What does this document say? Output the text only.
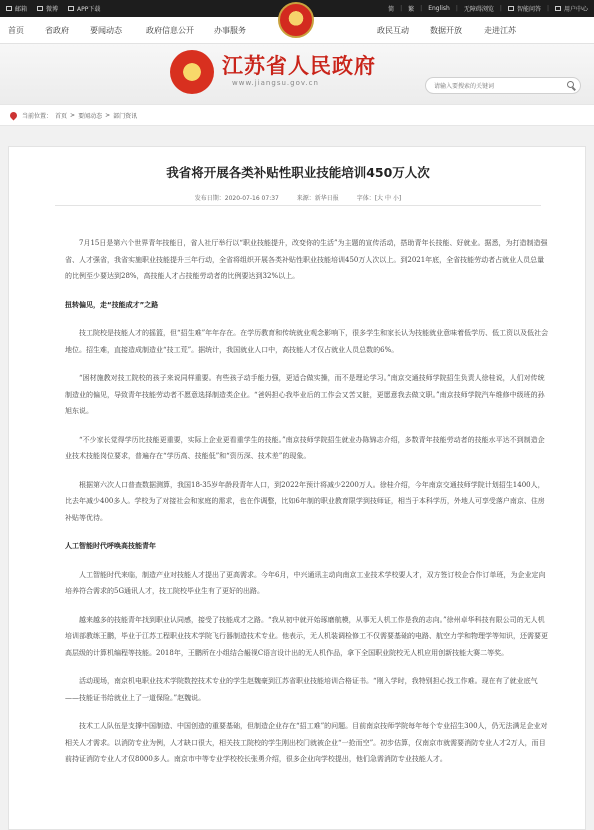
邮箱	微博	APP下载	简 | 繁 | English | 无障碍浏览 |	智能问答 |	用户中心
首页	省政府	要闻动态	政府信息公开	办事服务	政民互动	数据开放	走进江苏
江苏省人民政府
www.jiangsu.gov.cn
请输入要搜索的关键词
当前位置： 首页 > 要闻动态 > 部门资讯
我省将开展各类补贴性职业技能培训450万人次
发布日期：2020-07-16 07:37	来源：新华日报	字体：[大 中 小]

7月15日是第六个世界青年技能日，省人社厅举行以“职业技能提升，改变你的生活”为主题的宣传活动，搭助青年长技能、好就业。据悉，为打造制造强省、人才强省，我省实施职业技能提升三年行动，全省将组织开展各类补贴性职业技能培训450万人次以上。到2021年底，全省技能劳动者占就业人员总量的比例至少要达到28%，高技能人才占技能劳动者的比例要达到32%以上。

扭转偏见，走“技能成才”之路

技工院校是技能人才的摇篮，但“招生难”年年存在。在学历教育和传统就业观念影响下，很多学生和家长认为技能就业意味着低学历、低工资以及低社会地位。招生难，直接造成制造业“技工荒”。据统计，我国就业人口中，高技能人才仅占就业人员总数的6%。

“困材施教对技工院校的孩子来说同样重要。有些孩子动手能力强，更适合做实操，而不是理论学习。”南京交通技师学院招生负责人徐桂说，人们对传统制造业的偏见，导致青年技能劳动者不愿意选择制造类企业。“爸妈担心我毕业后的工作会又苦又脏，更愿意我去做文职。”南京技师学院汽车维修中级班的孙旭东说。

“不少家长觉得学历比技能更重要，实际上企业更看重学生的技能。”南京技师学院招生就业办陈锦志介绍，多数青年技能劳动者的技能水平达不到制造企业技术技能岗位要求，普遍存在“学历高、技能低”和“资历深、技术差”的现象。

根据第六次人口普查数据测算，我国18-35岁年龄段青年人口，到2022年预计将减少2200万人。徐桂介绍，今年南京交通技师学院计划招生1400人，比去年减少400多人。学校为了对接社会和家庭的需求，也在作调整，比如6年制的职业教育限学到技师证，相当于本科学历，外地人可享受落户南京、住房补贴等优待。

人工智能时代呼唤高技能青年

人工智能时代来临，制造产业对技能人才提出了更高需求。今年6月，中兴通讯主动向南京工业技术学校要人才，双方签订校企合作订单班，为企业定向培养符合需求的5G通讯人才，技工院校毕业生有了更好的出路。

越来越多的技能青年找到职业认同感，接受了技能成才之路。“我从初中就开始琢磨航模，从事无人机工作是我的志向。”徐州卓华科技有限公司的无人机培训部教练王鹏，毕业于江苏工程职业技术学院飞行器制造技术专业。他表示，无人机装调检修工不仅需要基础的电路、航空力学和物理学等知识，还需要更高层级的计算机编程等技能。2018年，王鹏所在小组结合赧视C语言设计出的无人机作品，拿下全国职业院校无人机应用创新技能大赛二等奖。

活动现场，南京机电职业技术学院数控技术专业的学生赵魏豪到江苏省职业技能培训合格证书。“刚入学时，我特别担心找工作难。现在有了就业底气——技能证书给就业上了一道保险。”赵魏说。

技术工人队伍是支撑中国制造、中国创造的重要基础，但制造企业存在“招工难”的问题。目前南京技师学院每年每个专业招生300人，仍无法满足企业对相关人才需求。以消防专业为例，人才缺口很大，相关技工院校的学生刚出校门就被企业“一抢而空”。初步估算，仅南京市就需要消防专业人才2万人，而目前持证消防专业人才仅8000多人。南京市中等专业学校校长张勇介绍，很多企业向学校提出，他们急需消防专业技能人才。
